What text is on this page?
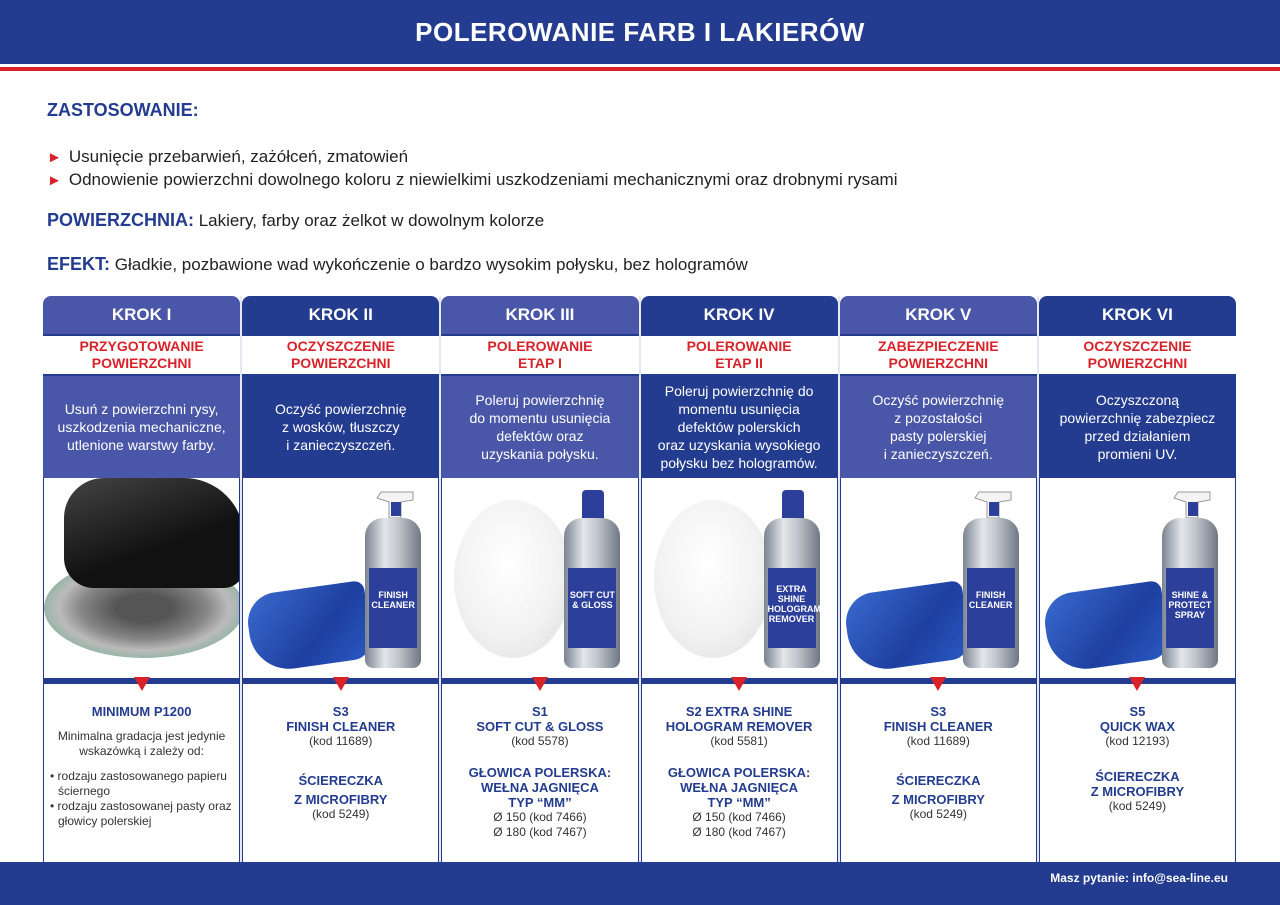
POLEROWANIE FARB I LAKIERÓW
ZASTOSOWANIE:
► Usunięcie przebarwień, zażółceń, zmatowień
► Odnowienie powierzchni dowolnego koloru z niewielkimi uszkodzeniami mechanicznymi oraz drobnymi rysami
POWIERZCHNIA: Lakiery, farby oraz żelkot w dowolnym kolorze
EFEKT: Gładkie, pozbawione wad wykończenie o bardzo wysokim połysku, bez hologramów
KROK I
PRZYGOTOWANIE
POWIERZCHNI
Usuń z powierzchni rysy,
uszkodzenia mechaniczne,
utlenione warstwy farby.
MINIMUM P1200
Minimalna gradacja jest jedynie
wskazówką i zależy od:
• rodzaju zastosowanego papieru ściernego
• rodzaju zastosowanej pasty oraz głowicy polerskiej
KROK II
OCZYSZCZENIE
POWIERZCHNI
Oczyść powierzchnię
z wosków, tłuszczy
i zanieczyszczeń.
FINISH CLEANER
S3
FINISH CLEANER
(kod 11689)
ŚCIERECZKA
Z MICROFIBRY
(kod 5249)
KROK III
POLEROWANIE
ETAP I
Poleruj powierzchnię
do momentu usunięcia
defektów oraz
uzyskania połysku.
SOFT CUT & GLOSS
S1
SOFT CUT & GLOSS
(kod 5578)
GŁOWICA POLERSKA:
WEŁNA JAGNIĘCA
TYP “MM”
Ø 150 (kod 7466)
Ø 180 (kod 7467)
KROK IV
POLEROWANIE
ETAP II
Poleruj powierzchnię do
momentu usunięcia
defektów polerskich
oraz uzyskania wysokiego
połysku bez hologramów.
EXTRA SHINE HOLOGRAM REMOVER
S2 EXTRA SHINE
HOLOGRAM REMOVER
(kod 5581)
GŁOWICA POLERSKA:
WEŁNA JAGNIĘCA
TYP “MM”
Ø 150 (kod 7466)
Ø 180 (kod 7467)
KROK V
ZABEZPIECZENIE
POWIERZCHNI
Oczyść powierzchnię
z pozostałości
pasty polerskiej
i zanieczyszczeń.
FINISH CLEANER
S3
FINISH CLEANER
(kod 11689)
ŚCIERECZKA
Z MICROFIBRY
(kod 5249)
KROK VI
OCZYSZCZENIE
POWIERZCHNI
Oczyszczoną
powierzchnię zabezpiecz
przed działaniem
promieni UV.
SHINE & PROTECT SPRAY
S5
QUICK WAX
(kod 12193)
ŚCIERECZKA
Z MICROFIBRY
(kod 5249)
Masz pytanie: info@sea-line.eu
